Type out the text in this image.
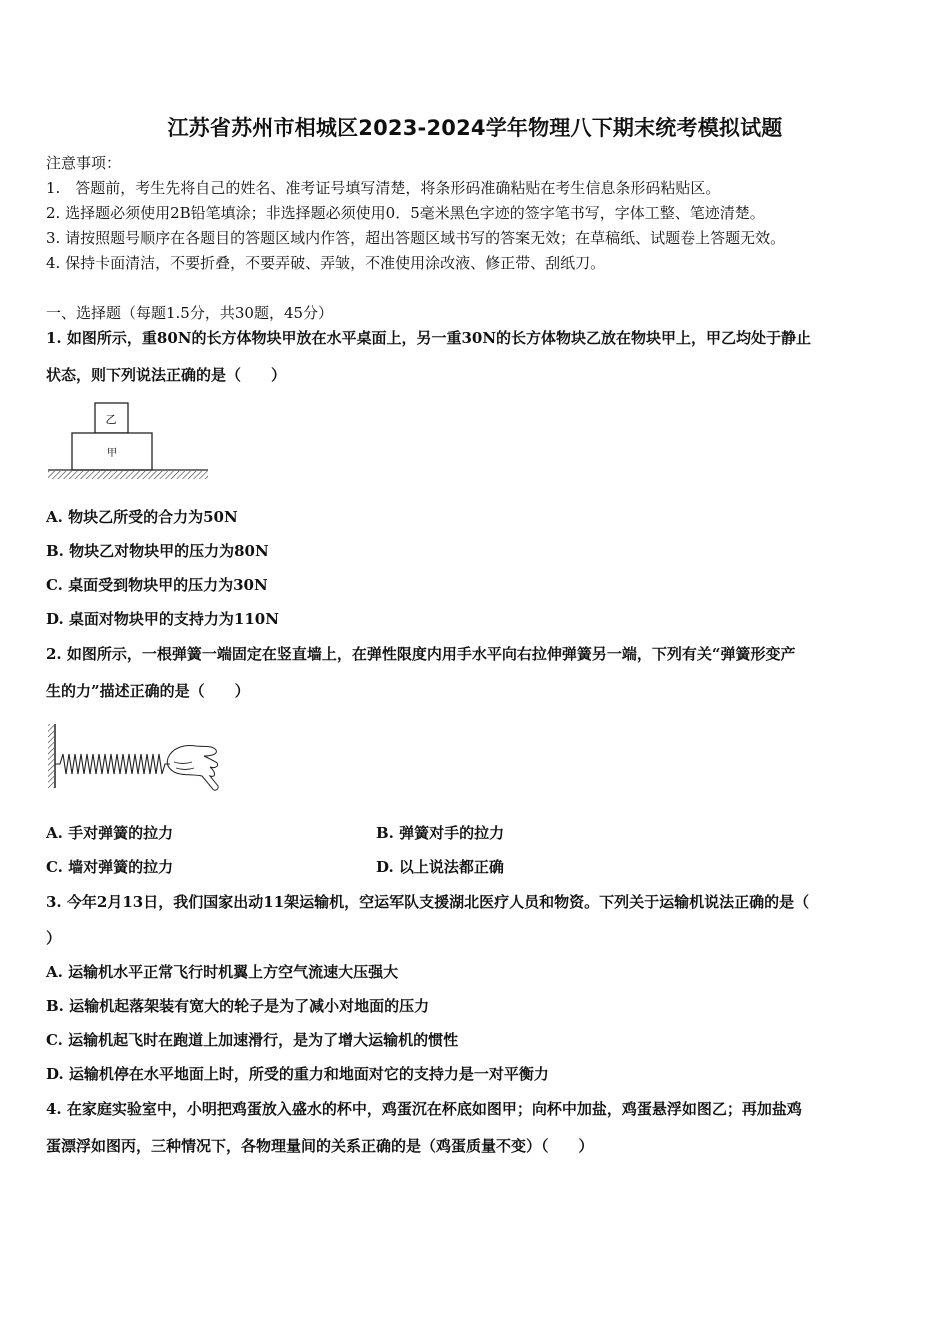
江苏省苏州市相城区2023-2024学年物理八下期末统考模拟试题
注意事项：
1.　答题前，考生先将自己的姓名、准考证号填写清楚，将条形码准确粘贴在考生信息条形码粘贴区。
2. 选择题必须使用2B铅笔填涂；非选择题必须使用0．5毫米黑色字迹的签字笔书写，字体工整、笔迹清楚。
3. 请按照题号顺序在各题目的答题区域内作答，超出答题区域书写的答案无效；在草稿纸、试题卷上答题无效。
4. 保持卡面清洁，不要折叠，不要弄破、弄皱，不准使用涂改液、修正带、刮纸刀。
一、选择题（每题1.5分，共30题，45分）
1. 如图所示，重80N的长方体物块甲放在水平桌面上，另一重30N的长方体物块乙放在物块甲上，甲乙均处于静止
状态，则下列说法正确的是（　　）
乙
甲
A. 物块乙所受的合力为50N
B. 物块乙对物块甲的压力为80N
C. 桌面受到物块甲的压力为30N
D. 桌面对物块甲的支持力为110N
2. 如图所示，一根弹簧一端固定在竖直墙上，在弹性限度内用手水平向右拉伸弹簧另一端，下列有关“弹簧形变产
生的力”描述正确的是（　　）
A. 手对弹簧的拉力	B. 弹簧对手的拉力
C. 墙对弹簧的拉力	D. 以上说法都正确
3. 今年2月13日，我们国家出动11架运输机，空运军队支援湖北医疗人员和物资。下列关于运输机说法正确的是（
）
A. 运输机水平正常飞行时机翼上方空气流速大压强大
B. 运输机起落架装有宽大的轮子是为了减小对地面的压力
C. 运输机起飞时在跑道上加速滑行，是为了增大运输机的惯性
D. 运输机停在水平地面上时，所受的重力和地面对它的支持力是一对平衡力
4. 在家庭实验室中，小明把鸡蛋放入盛水的杯中，鸡蛋沉在杯底如图甲；向杯中加盐，鸡蛋悬浮如图乙；再加盐鸡
蛋漂浮如图丙，三种情况下，各物理量间的关系正确的是（鸡蛋质量不变）（　　）
